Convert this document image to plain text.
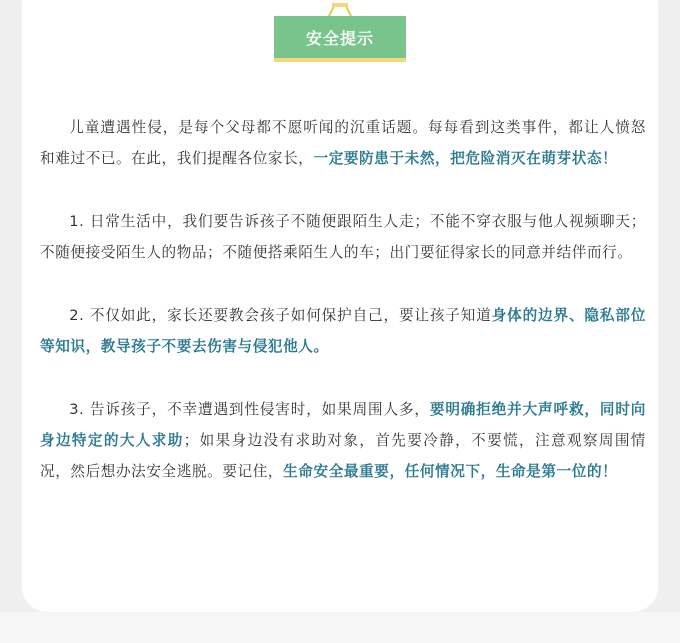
安全提示

儿童遭遇性侵，是每个父母都不愿听闻的沉重话题。每每看到这类事件，都让人愤怒和难过不已。在此，我们提醒各位家长，一定要防患于未然，把危险消灭在萌芽状态！

1. 日常生活中，我们要告诉孩子不随便跟陌生人走；不能不穿衣服与他人视频聊天；不随便接受陌生人的物品；不随便搭乘陌生人的车；出门要征得家长的同意并结伴而行。

2. 不仅如此，家长还要教会孩子如何保护自己，要让孩子知道身体的边界、隐私部位等知识，教导孩子不要去伤害与侵犯他人。

3. 告诉孩子，不幸遭遇到性侵害时，如果周围人多，要明确拒绝并大声呼救，同时向身边特定的大人求助；如果身边没有求助对象，首先要冷静，不要慌，注意观察周围情况，然后想办法安全逃脱。要记住，生命安全最重要，任何情况下，生命是第一位的！
